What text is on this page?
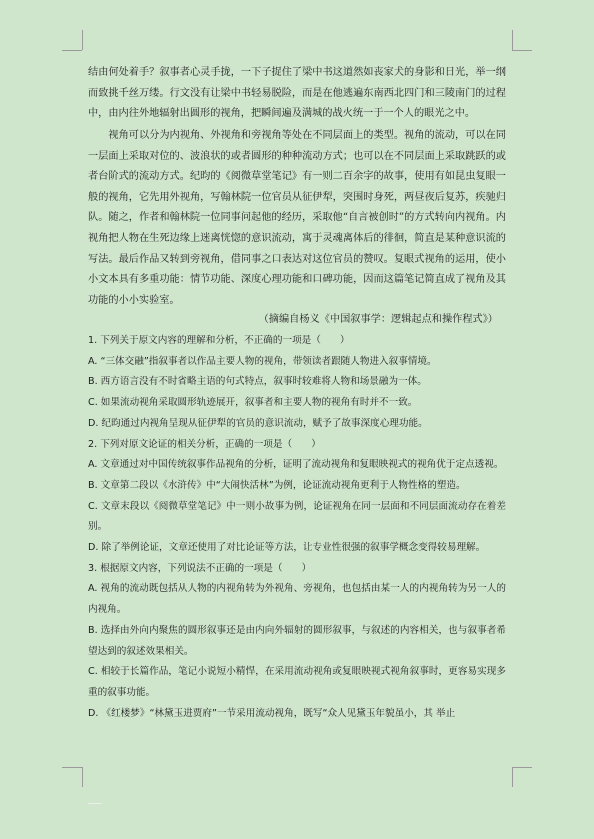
结由何处着手？叙事者心灵手拢，一下子捉住了梁中书这道然如丧家犬的身影和日光，举一纲而致挑千丝万缕。行文没有让梁中书轻易脱险，而是在他逃遍东南西北四门和三陵南门的过程中，由内往外地辐射出圆形的视角，把瞬间遍及满城的战火统一于一个人的眼光之中。

视角可以分为内视角、外视角和旁视角等处在不同层面上的类型。视角的流动，可以在同一层面上采取对位的、波浪状的或者圆形的种种流动方式；也可以在不同层面上采取跳跃的或者台阶式的流动方式。纪昀的《阅微草堂笔记》有一则二百余字的故事，使用有如昆虫复眼一般的视角，它先用外视角，写翰林院一位官员从征伊犁，突围时身死，两昼夜后复苏，疾驰归队。随之，作者和翰林院一位同事问起他的经历，采取他“自言被创时”的方式转向内视角。内视角把人物在生死边缘上迷离恍惚的意识流动，寓于灵魂离体后的徘徊，简直是某种意识流的写法。最后作品又转到旁视角，借同事之口表达对这位官员的赞叹。复眼式视角的运用，使小小文本具有多重功能：情节功能、深度心理功能和口碑功能，因而这篇笔记简直成了视角及其功能的小小实验室。

（摘编自杨义《中国叙事学：逻辑起点和操作程式》）

1. 下列关于原文内容的理解和分析，不正确的一项是（　　）
A. “三体交融”指叙事者以作品主要人物的视角，带领读者跟随人物进入叙事情境。
B. 西方语言没有不时省略主语的句式特点，叙事时较难将人物和场景融为一体。
C. 如果流动视角采取圆形轨迹展开，叙事者和主要人物的视角有时并不一致。
D. 纪昀通过内视角呈现从征伊犁的官员的意识流动，赋予了故事深度心理功能。
2. 下列对原文论证的相关分析，正确的一项是（　　）
A. 文章通过对中国传统叙事作品视角的分析，证明了流动视角和复眼映视式的视角优于定点透视。
B. 文章第二段以《水浒传》中“大闹快活林”为例，论证流动视角更利于人物性格的塑造。
C. 文章末段以《阅微草堂笔记》中一则小故事为例，论证视角在同一层面和不同层面流动存在着差别。
D. 除了举例论证，文章还使用了对比论证等方法，让专业性很强的叙事学概念变得较易理解。
3. 根据原文内容，下列说法不正确的一项是（　　）
A. 视角的流动既包括从人物的内视角转为外视角、旁视角，也包括由某一人的内视角转为另一人的内视角。
B. 选择由外向内聚焦的圆形叙事还是由内向外辐射的圆形叙事，与叙述的内容相关，也与叙事者希望达到的叙述效果相关。
C. 相较于长篇作品，笔记小说短小精悍，在采用流动视角或复眼映视式视角叙事时，更容易实现多重的叙事功能。
D. 《红楼梦》“林黛玉进贾府”一节采用流动视角，既写“众人见黛玉年貌虽小，其 举止
